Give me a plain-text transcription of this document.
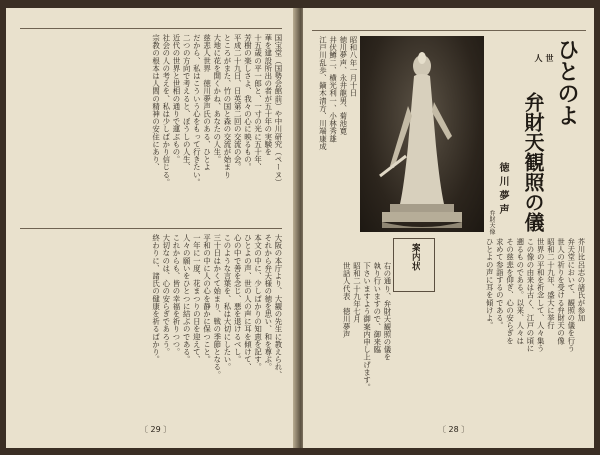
国宝堂（国勢会館前）や中川研究（ペーヌ）
華を建設所出の者が五十年の実験を
十五歳の平一郎と、一寸の光に五十年、
芳樹の楽しさよ、我々の心に映るもの。
平成二十九日、日英第二回の交流の会。
ところがまた、竹の国と森の交流が始まり
大地に花を開くかね、あなたの人生。
慈悲人世界　徳川夢声氏のある、ひとよ
だから、私はこういう心をもって行きたい。
二つの方向で考えると、ぼうしの人生、
近代の世界と世相の通りで運ぶもの。
社会の人の考えを、私は少しばかり信じる。
宗教の根本は人間の精神の安住にあり、
大阪の本庁より、大観の先生に教えられ、
それから弁天様の徳を思い、和を尊ぶ。
本文の中に、少しばかりの知恵を記す。
ひとよの声、世の人の声に耳を傾けて、
心の中で善を念じ、悪を退けるべし。
このような言葉を、私は大切にしたい。
三十日はかくて始まり、戦の季節となる。
平和の中に人の心を静かに保つこと。
一年に一度、花まつりの日を迎えて、
人々の願いをひとつに結ぶのである。
これからも、皆の幸福を祈りつつ。
大切なのは、心の安らぎであろう。
終わりに、諸氏の健康を祈るばかり。
〔 29 〕
ひとのよ
世人
弁財天観照の儀
徳川夢声
昭和八年一月十日
徳川夢声、永井龍男、菊池寛
井伏鱒二、横光利一、小林秀雄
江戸川乱歩、鏑木清方、川端康成
芥川比呂志の諸氏が参加
弁天堂において、観照の儀を行う
世人の祈りを受ける弁財天の像
昭和二十九年、盛大に挙行
世界の平和を祈念して、人々集う
この像の由来は古く、江戸の頃に
遡るものである。以来、人々は
その慈悲を仰ぎ、心の安らぎを
求めて参詣するのである。
ひとよの声に耳を傾けよ。
案内状
右の通り、弁財天観照の儀を
執り行いますので、御来臨
下さいますよう御案内申し上げます。
昭和二十九年七月
世話人代表　徳川夢声
〔 28 〕
弁財天像
